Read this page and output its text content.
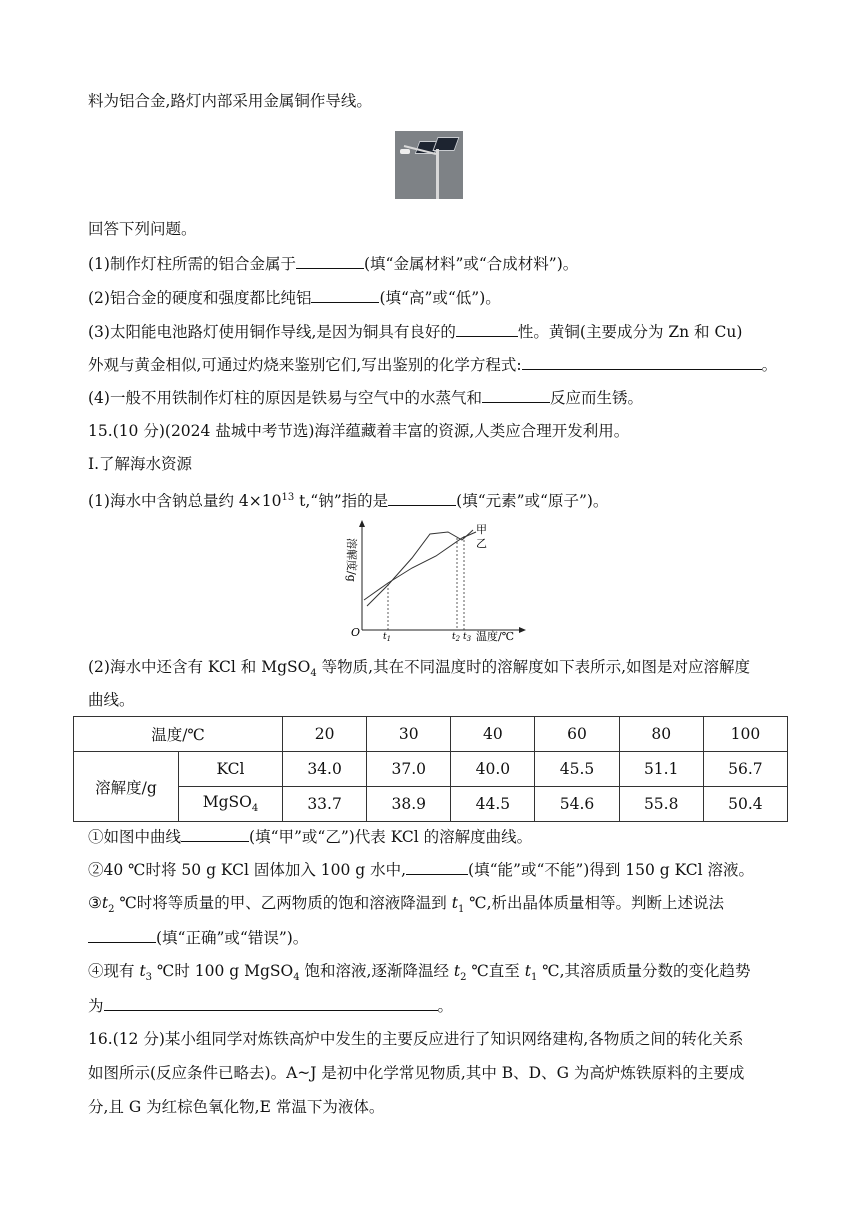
料为铝合金,路灯内部采用金属铜作导线。
回答下列问题。
(1)制作灯柱所需的铝合金属于	(填“金属材料”或“合成材料”)。
(2)铝合金的硬度和强度都比纯铝	(填“高”或“低”)。
(3)太阳能电池路灯使用铜作导线,是因为铜具有良好的	性。黄铜(主要成分为 Zn 和 Cu)
外观与黄金相似,可通过灼烧来鉴别它们,写出鉴别的化学方程式:	。
(4)一般不用铁制作灯柱的原因是铁易与空气中的水蒸气和	反应而生锈。
15.(10 分)(2024 盐城中考节选)海洋蕴藏着丰富的资源,人类应合理开发利用。
Ⅰ.了解海水资源
(1)海水中含钠总量约 $4\times 10^{13}$ t,“钠”指的是	(填“元素”或“原子”)。
O
溶解度/g
温度/℃
甲
乙
$t_1$	$t_2$ $t_3$
(2)海水中还含有 KCl 和 MgSO$_4$ 等物质,其在不同温度时的溶解度如下表所示,如图是对应溶解度
曲线。
温度/℃		20	30	40	60	80	100
溶解度/g	KCl	34.0	37.0	40.0	45.5	51.1	56.7
	MgSO$_4$	33.7	38.9	44.5	54.6	55.8	50.4
①如图中曲线	(填“甲”或“乙”)代表 KCl 的溶解度曲线。
②40 ℃时将 50 g KCl 固体加入 100 g 水中,	(填“能”或“不能”)得到 150 g KCl 溶液。
$③t_2$ ℃时将等质量的甲、乙两物质的饱和溶液降温到 $t_1$ ℃,析出晶体质量相等。判断上述说法
(填“正确”或“错误”)。
④现有 $t_3$ ℃时 100 g MgSO$_4$ 饱和溶液,逐渐降温经 $t_2$ ℃直至 $t_1$ ℃,其溶质质量分数的变化趋势
为	。
16.(12 分)某小组同学对炼铁高炉中发生的主要反应进行了知识网络建构,各物质之间的转化关系
如图所示(反应条件已略去)。A~J 是初中化学常见物质,其中 B、D、G 为高炉炼铁原料的主要成
分,且 G 为红棕色氧化物,E 常温下为液体。
